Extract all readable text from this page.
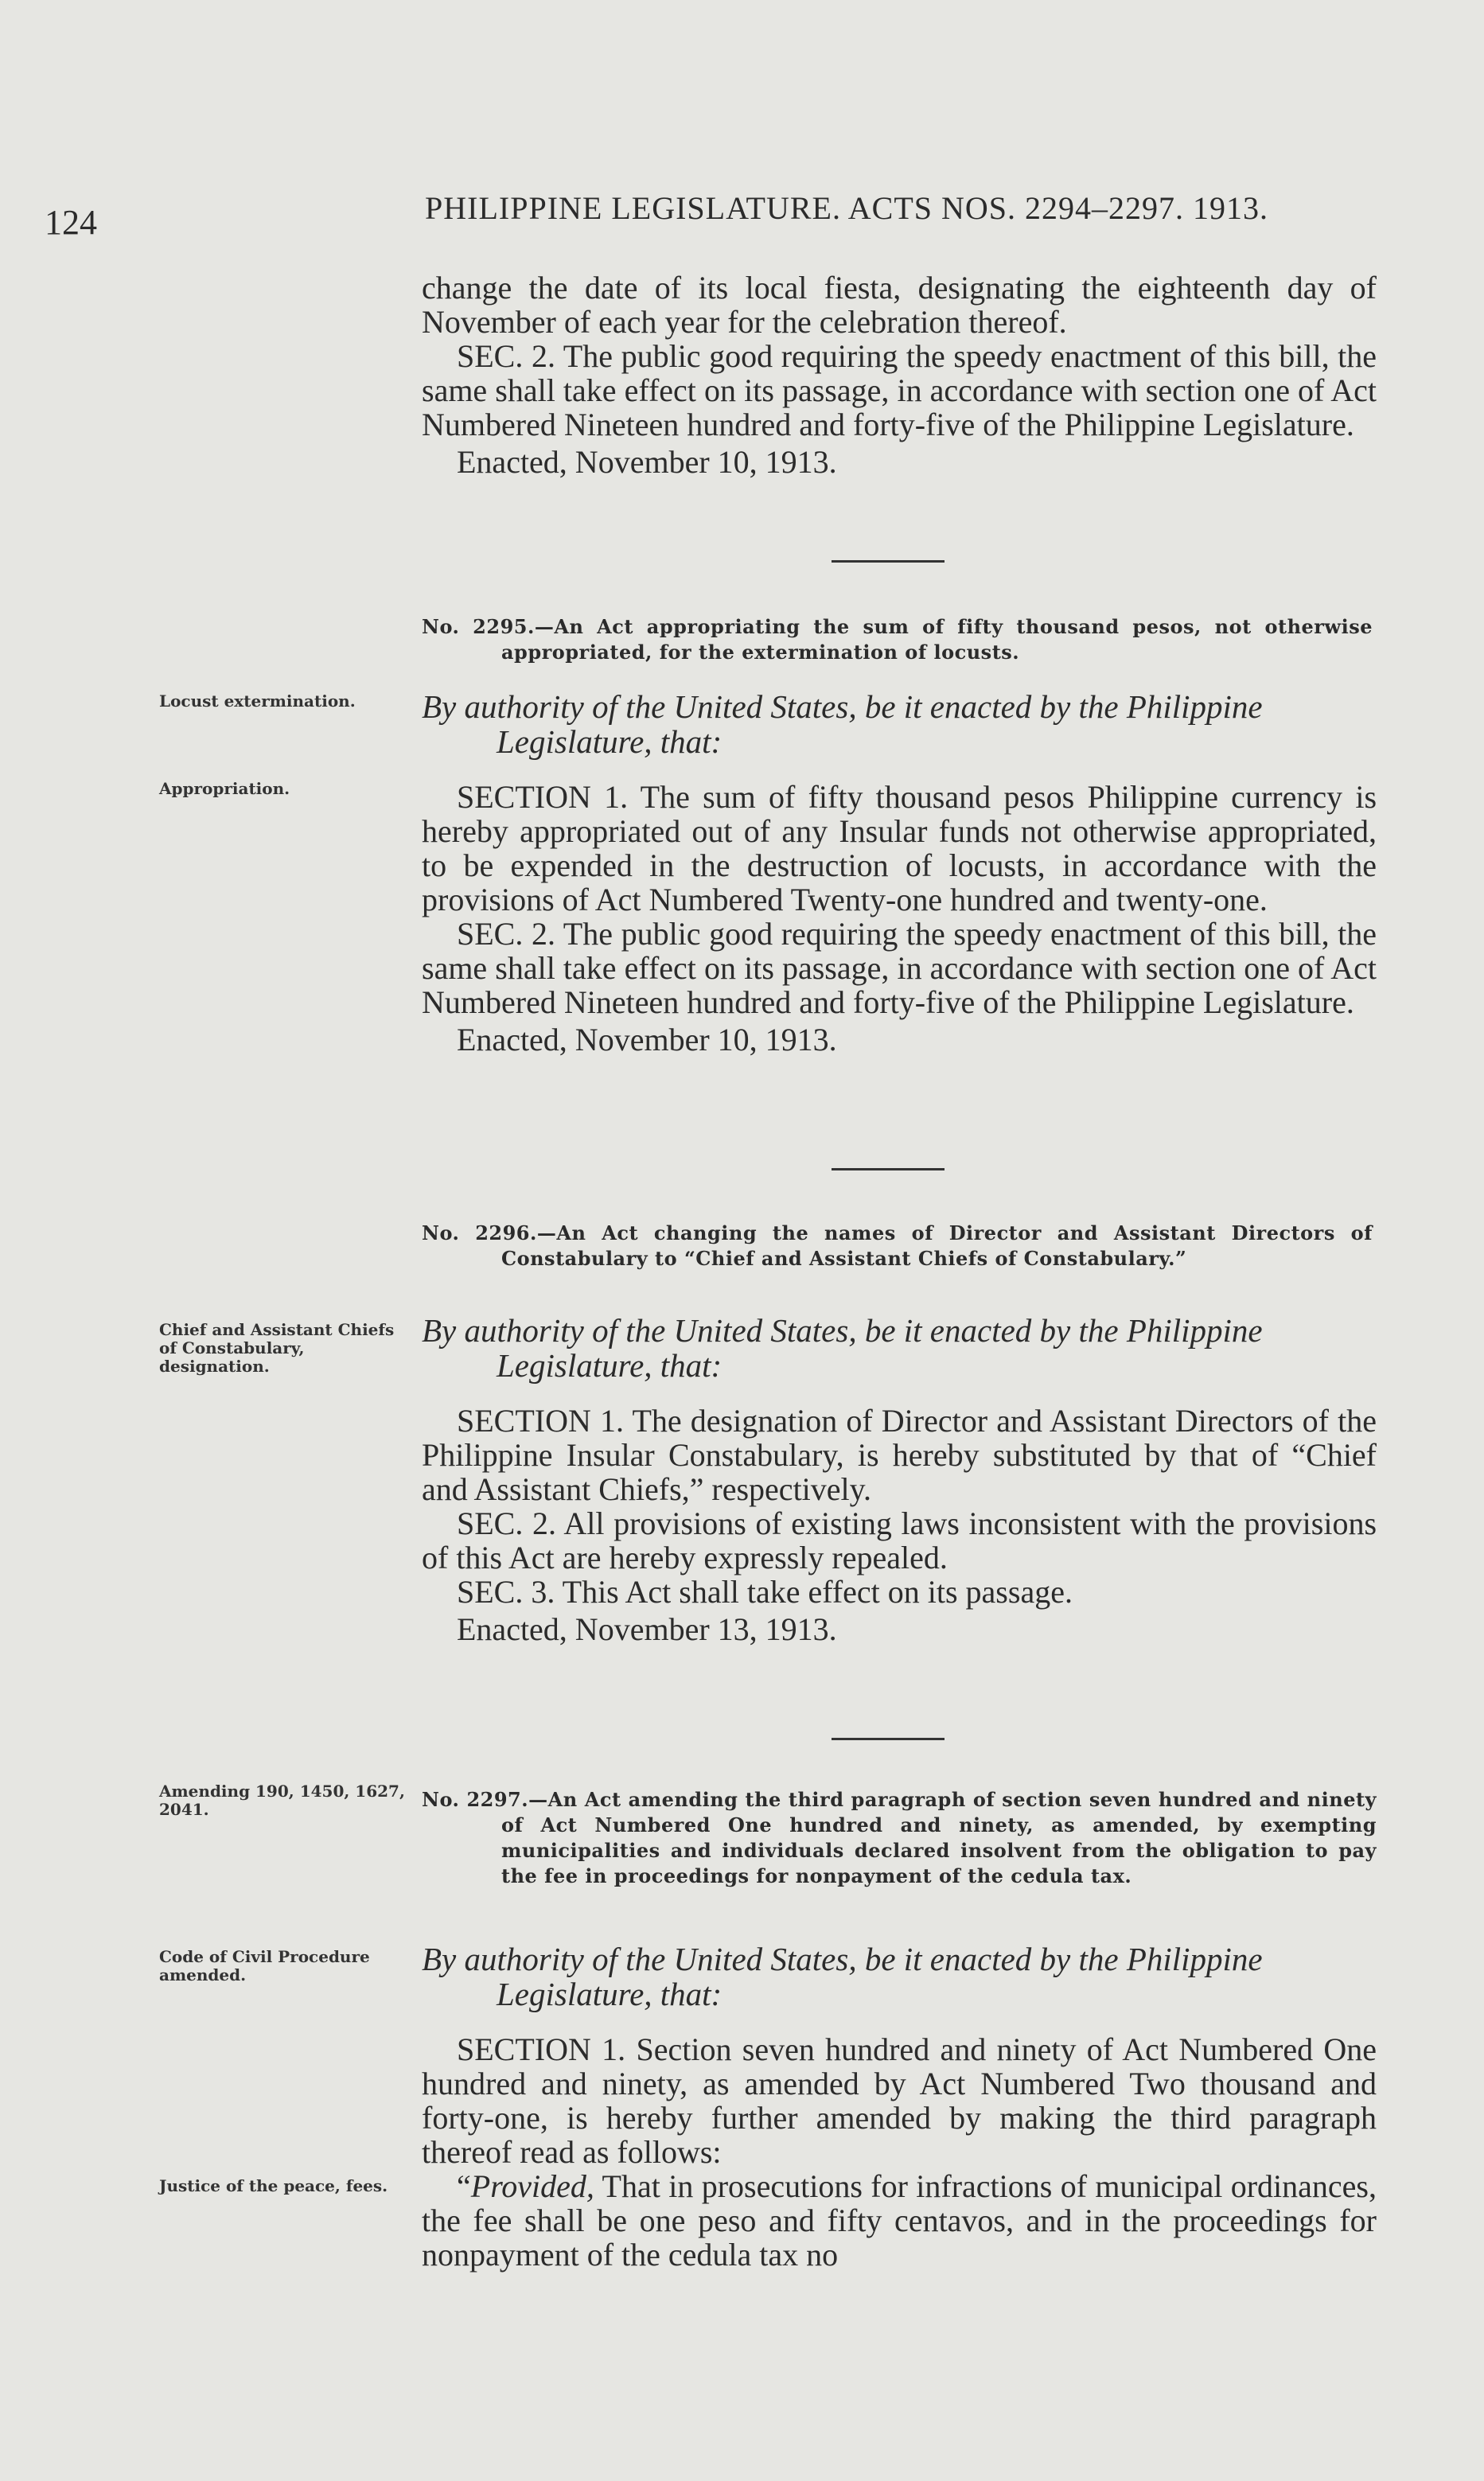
124	PHILIPPINE LEGISLATURE. ACTS NOS. 2294–2297. 1913.

change the date of its local fiesta, designating the eighteenth day of November of each year for the celebration thereof.

SEC. 2. The public good requiring the speedy enactment of this bill, the same shall take effect on its passage, in accordance with section one of Act Numbered Nineteen hundred and forty-five of the Philippine Legislature.

Enacted, November 10, 1913.

No. 2295.—An Act appropriating the sum of fifty thousand pesos, not otherwise appropriated, for the extermination of locusts.

Locust extermination.	By authority of the United States, be it enacted by the Philippine Legislature, that:

SECTION 1. The sum of fifty thousand pesos Philippine currency is hereby appropriated out of any Insular funds not otherwise appropriated, to be expended in the destruction of locusts, in accordance with the provisions of Act Numbered Twenty-one hundred and twenty-one.

SEC. 2. The public good requiring the speedy enactment of this bill, the same shall take effect on its passage, in accordance with section one of Act Numbered Nineteen hundred and forty-five of the Philippine Legislature.

Enacted, November 10, 1913.

Appropriation.

No. 2296.—An Act changing the names of Director and Assistant Directors of Constabulary to “Chief and Assistant Chiefs of Constabulary.”

Chief and Assistant Chiefs of Constabulary, designation.

By authority of the United States, be it enacted by the Philippine Legislature, that:

SECTION 1. The designation of Director and Assistant Directors of the Philippine Insular Constabulary, is hereby substituted by that of “Chief and Assistant Chiefs,” respectively.

SEC. 2. All provisions of existing laws inconsistent with the provisions of this Act are hereby expressly repealed.

SEC. 3. This Act shall take effect on its passage.

Enacted, November 13, 1913.

Amending 190, 1450, 1627, 2041.	No. 2297.—An Act amending the third paragraph of section seven hundred and ninety of Act Numbered One hundred and ninety, as amended, by exempting municipalities and individuals declared insolvent from the obligation to pay the fee in proceedings for nonpayment of the cedula tax.

Code of Civil Procedure amended.	By authority of the United States, be it enacted by the Philippine Legislature, that:

SECTION 1. Section seven hundred and ninety of Act Numbered One hundred and ninety, as amended by Act Numbered Two thousand and forty-one, is hereby further amended by making the third paragraph thereof read as follows:

“Provided, That in prosecutions for infractions of municipal ordinances, the fee shall be one peso and fifty centavos, and in the proceedings for nonpayment of the cedula tax no

Justice of the peace, fees.
